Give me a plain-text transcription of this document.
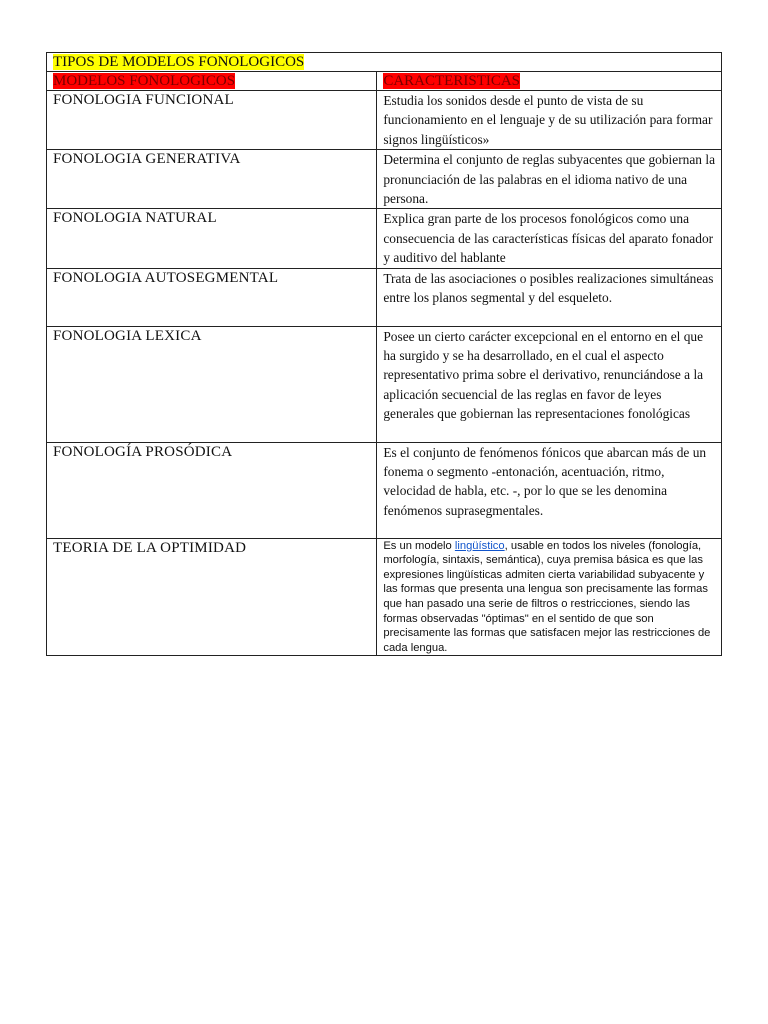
TIPOS DE MODELOS FONOLOGICOS	
MODELOS FONOLOGICOS	CARACTERISTICAS
FONOLOGIA FUNCIONAL	Estudia los sonidos desde el punto de vista de su funcionamiento en el lenguaje y de su utilización para formar signos lingüísticos»
FONOLOGIA GENERATIVA	Determina el conjunto de reglas subyacentes que gobiernan la pronunciación de las palabras en el idioma nativo de una persona.
FONOLOGIA NATURAL	Explica gran parte de los procesos fonológicos como una consecuencia de las características físicas del aparato fonador y auditivo del hablante
FONOLOGIA AUTOSEGMENTAL	Trata de las asociaciones o posibles realizaciones simultáneas entre los planos segmental y del esqueleto.
FONOLOGIA LEXICA	Posee un cierto carácter excepcional en el entorno en el que ha surgido y se ha desarrollado, en el cual el aspecto representativo prima sobre el derivativo, renunciándose a la aplicación secuencial de las reglas en favor de leyes generales que gobiernan las representaciones fonológicas
FONOLOGÍA PROSÓDICA	Es el conjunto de fenómenos fónicos que abarcan más de un fonema o segmento -entonación, acentuación, ritmo, velocidad de habla, etc. -, por lo que se les denomina fenómenos suprasegmentales.
TEORIA DE LA OPTIMIDAD	Es un modelo lingüístico, usable en todos los niveles (fonología, morfología, sintaxis, semántica), cuya premisa básica es que las expresiones lingüísticas admiten cierta variabilidad subyacente y las formas que presenta una lengua son precisamente las formas que han pasado una serie de filtros o restricciones, siendo las formas observadas "óptimas" en el sentido de que son precisamente las formas que satisfacen mejor las restricciones de cada lengua.
